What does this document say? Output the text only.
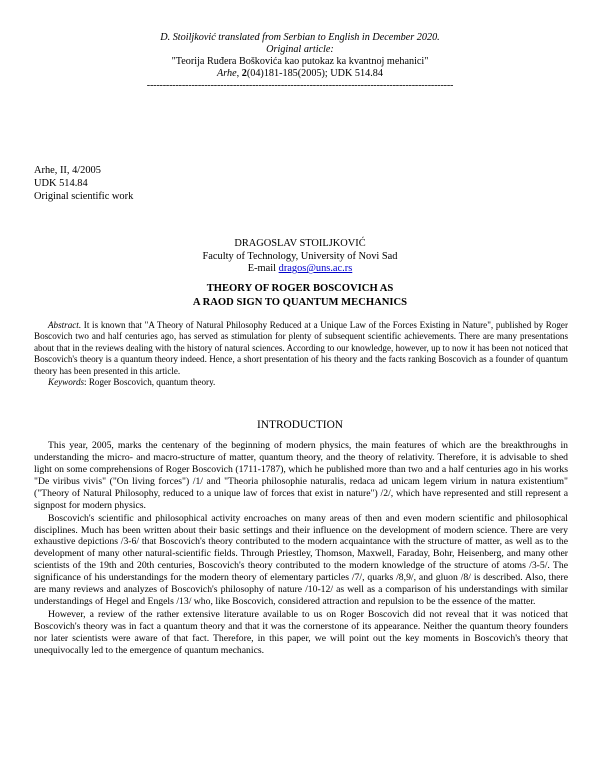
D. Stoiljković translated from Serbian to English in December 2020.
Original article:
"Teorija Ruđera Boškovića kao putokaz ka kvantnoj mehanici"
Arhe, 2(04)181-185(2005); UDK 514.84
------------------------------------------------------------------------------------------------
Arhe, II, 4/2005
UDK 514.84
Original scientific work
DRAGOSLAV STOILJKOVIĆ
Faculty of Technology, University of Novi Sad
E-mail dragos@uns.ac.rs
THEORY OF ROGER BOSCOVICH AS
A RAOD SIGN TO QUANTUM MECHANICS

Abstract. It is known that "A Theory of Natural Philosophy Reduced at a Unique Law of the Forces Existing in Nature", published by Roger Boscovich two and half centuries ago, has served as stimulation for plenty of subsequent scientific achievements. There are many presentations about that in the reviews dealing with the history of natural sciences. According to our knowledge, however, up to now it has been not noticed that Boscovich's theory is a quantum theory indeed. Hence, a short presentation of his theory and the facts ranking Boscovich as a founder of quantum theory has been presented in this article.

Keywords: Roger Boscovich, quantum theory.

INTRODUCTION

This year, 2005, marks the centenary of the beginning of modern physics, the main features of which are the breakthroughs in understanding the micro- and macro-structure of matter, quantum theory, and the theory of relativity. Therefore, it is advisable to shed light on some comprehensions of Roger Boscovich (1711-1787), which he published more than two and a half centuries ago in his works "De viribus vivis" ("On living forces") /1/ and "Theoria philosophie naturalis, redaca ad unicam legem virium in natura existentium" ("Theory of Natural Philosophy, reduced to a unique law of forces that exist in nature") /2/, which have represented and still represent a signpost for modern physics.

Boscovich's scientific and philosophical activity encroaches on many areas of then and even modern scientific and philosophical disciplines. Much has been written about their basic settings and their influence on the development of modern science. There are very exhaustive depictions /3-6/ that Boscovich's theory contributed to the modern acquaintance with the structure of matter, as well as to the development of many other natural-scientific fields. Through Priestley, Thomson, Maxwell, Faraday, Bohr, Heisenberg, and many other scientists of the 19th and 20th centuries, Boscovich's theory contributed to the modern knowledge of the structure of atoms /3-5/. The significance of his understandings for the modern theory of elementary particles /7/, quarks /8,9/, and gluon /8/ is described. Also, there are many reviews and analyzes of Boscovich's philosophy of nature /10-12/ as well as a comparison of his understandings with similar understandings of Hegel and Engels /13/ who, like Boscovich, considered attraction and repulsion to be the essence of the matter.

However, a review of the rather extensive literature available to us on Roger Boscovich did not reveal that it was noticed that Boscovich's theory was in fact a quantum theory and that it was the cornerstone of its appearance. Neither the quantum theory founders nor later scientists were aware of that fact. Therefore, in this paper, we will point out the key moments in Boscovich's theory that unequivocally led to the emergence of quantum mechanics.
